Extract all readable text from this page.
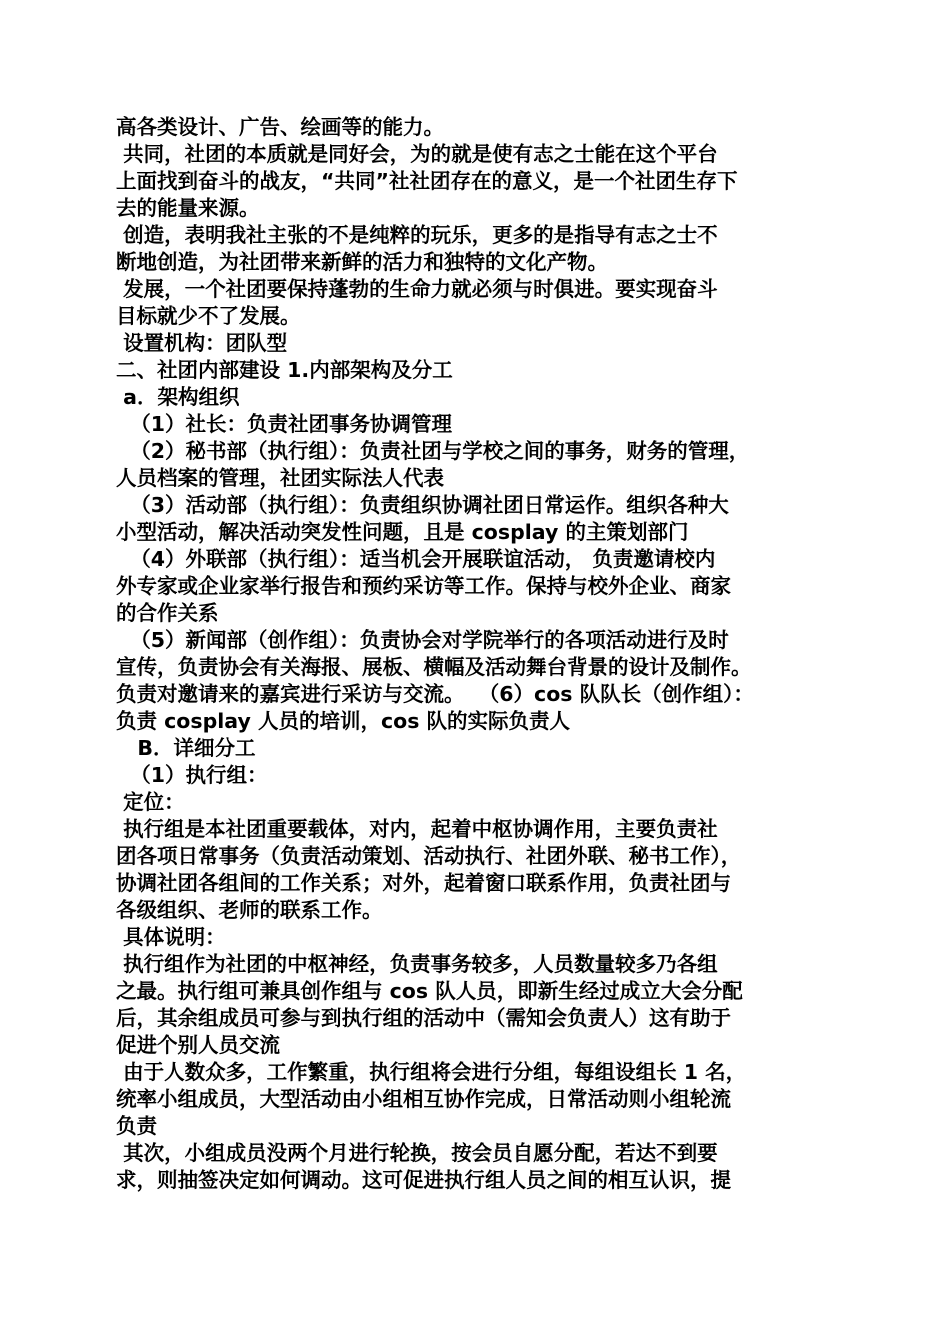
高各类设计、广告、绘画等的能力。
共同，社团的本质就是同好会，为的就是使有志之士能在这个平台
上面找到奋斗的战友，“共同”社社团存在的意义，是一个社团生存下
去的能量来源。
创造，表明我社主张的不是纯粹的玩乐，更多的是指导有志之士不
断地创造，为社团带来新鲜的活力和独特的文化产物。
发展，一个社团要保持蓬勃的生命力就必须与时俱进。要实现奋斗
目标就少不了发展。
设置机构：团队型
二、社团内部建设 1.内部架构及分工
a．架构组织
（1）社长：负责社团事务协调管理
（2）秘书部（执行组）：负责社团与学校之间的事务，财务的管理，
人员档案的管理，社团实际法人代表
（3）活动部（执行组）：负责组织协调社团日常运作。组织各种大
小型活动，解决活动突发性问题，且是 cosplay 的主策划部门
（4）外联部（执行组）：适当机会开展联谊活动， 负责邀请校内
外专家或企业家举行报告和预约采访等工作。保持与校外企业、商家
的合作关系
（5）新闻部（创作组）：负责协会对学院举行的各项活动进行及时
宣传，负责协会有关海报、展板、横幅及活动舞台背景的设计及制作。
负责对邀请来的嘉宾进行采访与交流。  （6）cos 队队长（创作组）：
负责 cosplay 人员的培训，cos 队的实际负责人
B．详细分工
（1）执行组：
定位：
执行组是本社团重要载体，对内，起着中枢协调作用，主要负责社
团各项日常事务（负责活动策划、活动执行、社团外联、秘书工作），
协调社团各组间的工作关系；对外，起着窗口联系作用，负责社团与
各级组织、老师的联系工作。
具体说明：
执行组作为社团的中枢神经，负责事务较多，人员数量较多乃各组
之最。执行组可兼具创作组与 cos 队人员，即新生经过成立大会分配
后，其余组成员可参与到执行组的活动中（需知会负责人）这有助于
促进个别人员交流
由于人数众多，工作繁重，执行组将会进行分组，每组设组长 1 名，
统率小组成员，大型活动由小组相互协作完成，日常活动则小组轮流
负责
其次，小组成员没两个月进行轮换，按会员自愿分配，若达不到要
求，则抽签决定如何调动。这可促进执行组人员之间的相互认识，提
